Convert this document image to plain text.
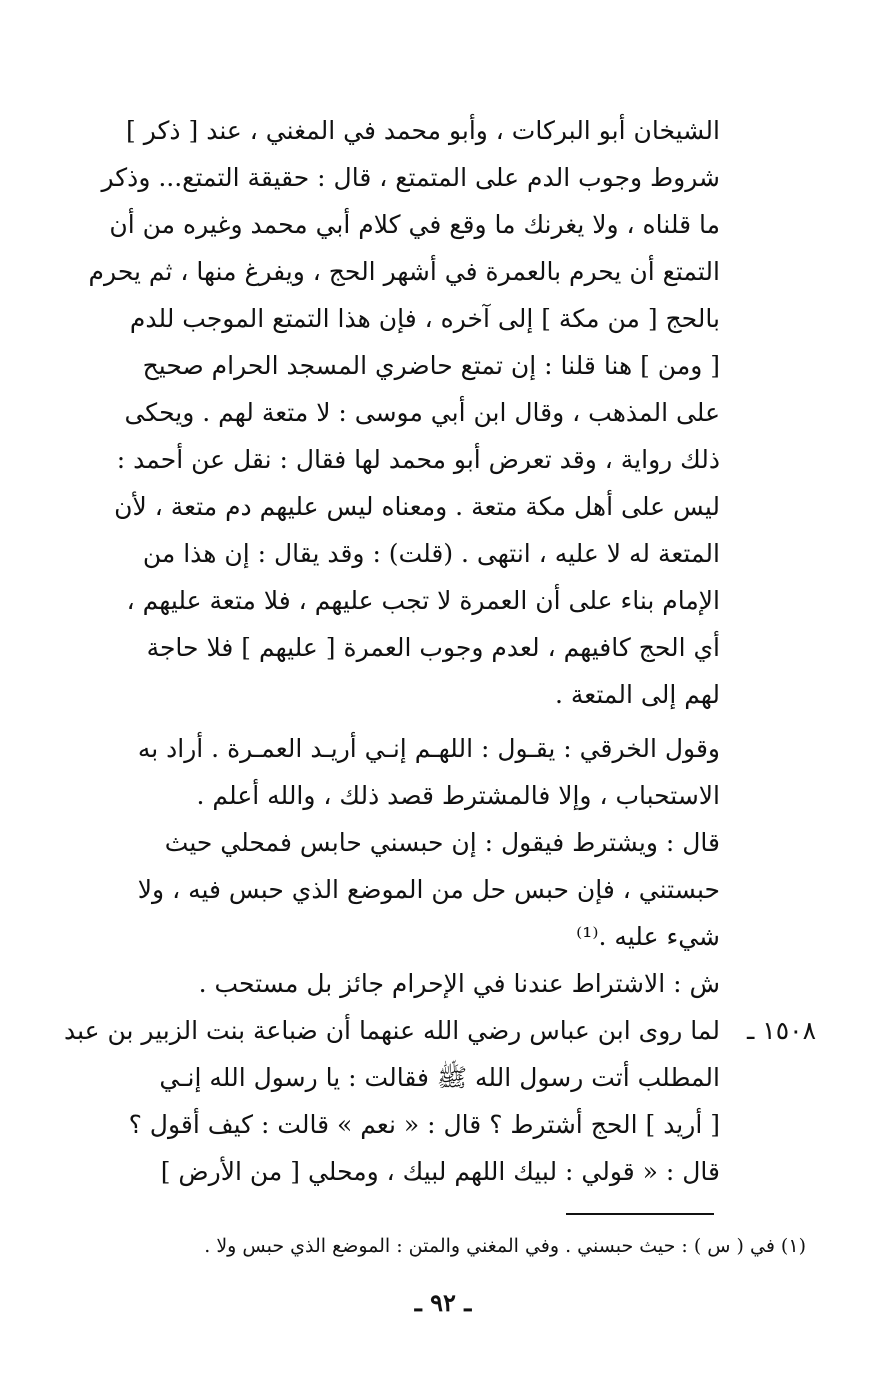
الشيخان أبو البركات ، وأبو محمد في المغني ، عند [ ذكر ]
شروط وجوب الدم على المتمتع ، قال : حقيقة التمتع... وذكر
ما قلناه ، ولا يغرنك ما وقع في كلام أبي محمد وغيره من أن
التمتع أن يحرم بالعمرة في أشهر الحج ، ويفرغ منها ، ثم يحرم
بالحج [ من مكة ] إلى آخره ، فإن هذا التمتع الموجب للدم
[ ومن ] هنا قلنا : إن تمتع حاضري المسجد الحرام صحيح
على المذهب ، وقال ابن أبي موسى : لا متعة لهم . ويحكى
ذلك رواية ، وقد تعرض أبو محمد لها فقال : نقل عن أحمد :
ليس على أهل مكة متعة . ومعناه ليس عليهم دم متعة ، لأن
المتعة له لا عليه ، انتهى . (قلت) : وقد يقال : إن هذا من
الإمام بناء على أن العمرة لا تجب عليهم ، فلا متعة عليهم ،
أي الحج كافيهم ، لعدم وجوب العمرة [ عليهم ] فلا حاجة
لهم إلى المتعة .
وقول الخرقي : يقـول : اللهـم إنـي أريـد العمـرة . أراد به
الاستحباب ، وإلا فالمشترط قصد ذلك ، والله أعلم .
قال : ويشترط فيقول : إن حبسني حابس فمحلي حيث
حبستني ، فإن حبس حل من الموضع الذي حبس فيه ، ولا
شيء عليه .⁽¹⁾
ش : الاشتراط عندنا في الإحرام جائز بل مستحب .
١٥٠٨ ـ
لما روى ابن عباس رضي الله عنهما أن ضباعة بنت الزبير بن عبد
المطلب أتت رسول الله ﷺ فقالت : يا رسول الله إنـي
[ أريد ] الحج أشترط ؟ قال : « نعم » قالت : كيف أقول ؟
قال : « قولي : لبيك اللهم لبيك ، ومحلي [ من الأرض ]
(١) في ( س ) : حيث حبسني . وفي المغني والمتن : الموضع الذي حبس ولا .
ـ ٩٢ ـ
